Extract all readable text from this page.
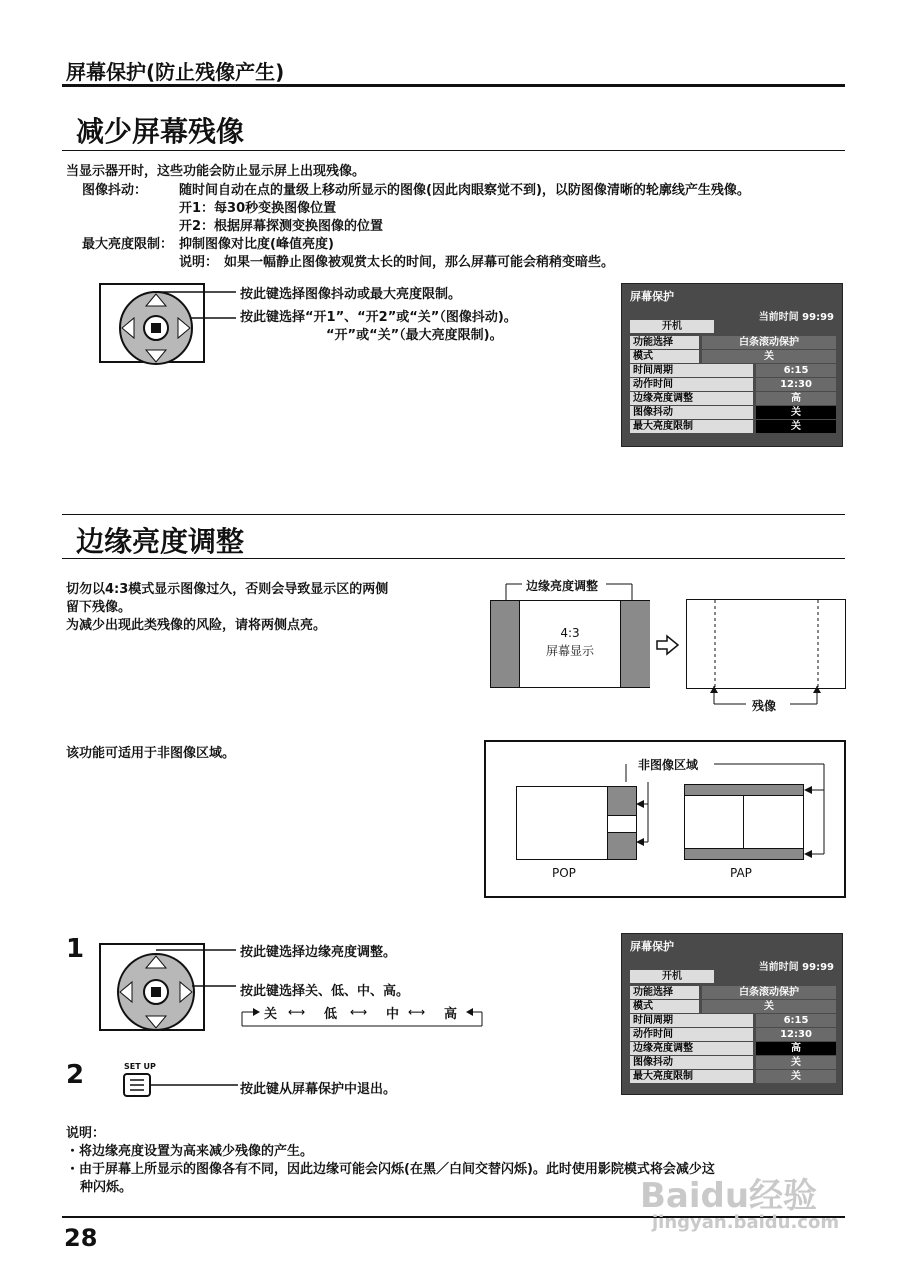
屏幕保护(防止残像产生)
减少屏幕残像
当显示器开时，这些功能会防止显示屏上出现残像。
图像抖动： 随时间自动在点的量级上移动所显示的图像(因此肉眼察觉不到)，以防图像清晰的轮廓线产生残像。
开1：每30秒变换图像位置
开2：根据屏幕探测变换图像的位置
最大亮度限制： 抑制图像对比度(峰值亮度)
说明： 如果一幅静止图像被观赏太长的时间，那么屏幕可能会稍稍变暗些。
按此键选择图像抖动或最大亮度限制。
按此键选择“开1”、“开2”或“关”（图像抖动)。
“开”或“关”（最大亮度限制)。
屏幕保护
当前时间 99:99
开机
功能选择	白条滚动保护
模式	关
时间周期	6:15
动作时间	12:30
边缘亮度调整	高
图像抖动	关
最大亮度限制	关
边缘亮度调整
切勿以4:3模式显示图像过久，否则会导致显示区的两侧
留下残像。
为减少出现此类残像的风险，请将两侧点亮。	4:3
屏幕显示
边缘亮度调整
残像
该功能可适用于非图像区域。
非图像区域
POP	PAP
1	按此键选择边缘亮度调整。
按此键选择关、低、中、高。
⟷	⟷	⟷
关	低	中	高
2	SET UP
按此键从屏幕保护中退出。
屏幕保护
当前时间 99:99
开机
功能选择	白条滚动保护
模式	关
时间周期	6:15
动作时间	12:30
边缘亮度调整	高
图像抖动	关
最大亮度限制	关
说明：
・将边缘亮度设置为高来减少残像的产生。
・由于屏幕上所显示的图像各有不同，因此边缘可能会闪烁(在黑／白间交替闪烁)。此时使用影院模式将会减少这
种闪烁。
28
Baidu经验
jingyan.baidu.com
